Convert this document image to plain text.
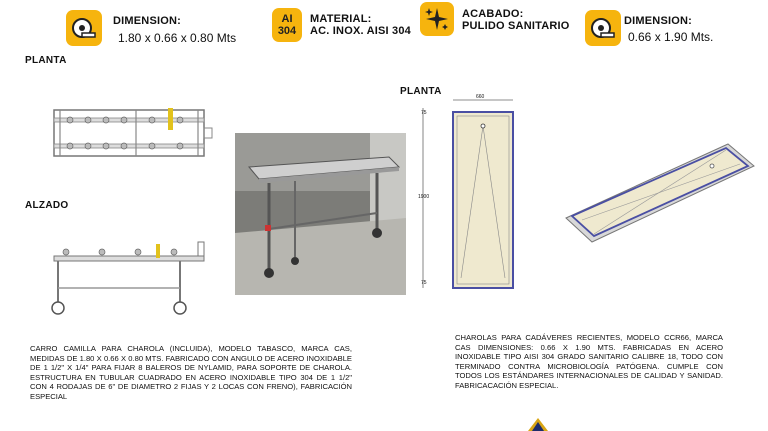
DIMENSION:
1.80 x 0.66 x 0.80 Mts
AI
304
MATERIAL:
AC. INOX. AISI 304
ACABADO:
PULIDO SANITARIO	DIMENSION:
0.66 x 1.90 Mts.
PLANTA
ALZADO
PLANTA	660
1900
75
75
CARRO CAMILLA PARA CHAROLA (INCLUIDA), MODELO TABASCO, MARCA CAS, MEDIDAS DE 1.80 X 0.66 X 0.80 MTS. FABRICADO CON ANGULO DE ACERO INOXIDABLE DE 1 1/2" X 1/4" PARA FIJAR 8 BALEROS DE NYLAMID, PARA SOPORTE DE CHAROLA. ESTRUCTURA EN TUBULAR CUADRADO EN ACERO INOXIDABLE TIPO 304 DE 1 1/2" CON 4 RODAJAS DE 6" DE DIAMETRO 2 FIJAS Y 2 LOCAS CON FRENO), FABRICACIÓN ESPECIAL
CHAROLAS PARA CADÁVERES RECIENTES, MODELO CCR66, MARCA CAS DIMENSIONES: 0.66 X 1.90 MTS. FABRICADAS EN ACERO INOXIDABLE TIPO AISI 304 GRADO SANITARIO CALIBRE 18, TODO CON TERMINADO CONTRA MICROBIOLOGÍA PATÓGENA. CUMPLE CON TODOS LOS ESTÁNDARES INTERNACIONALES DE CALIDAD Y SANIDAD. FABRICACACIÓN ESPECIAL.
